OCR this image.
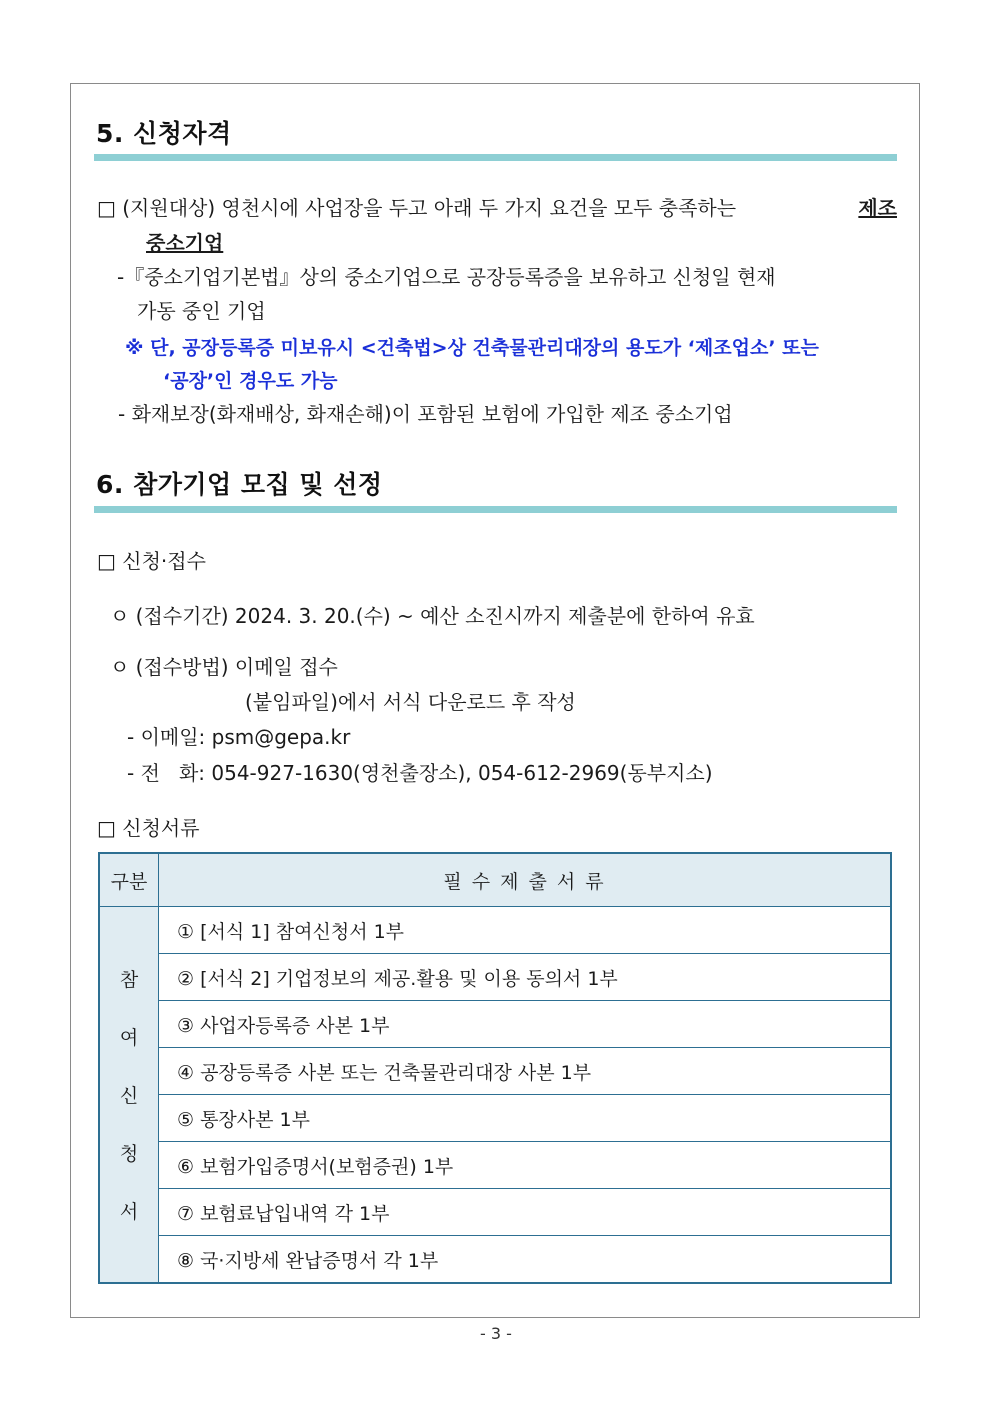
5. 신청자격
□ (지원대상) 영천시에 사업장을 두고 아래 두 가지 요건을 모두 충족하는	제조
중소기업
-『중소기업기본법』상의 중소기업으로 공장등록증을 보유하고 신청일 현재
가동 중인 기업
※ 단, 공장등록증 미보유시 <건축법>상 건축물관리대장의 용도가 ‘제조업소’ 또는
‘공장’인 경우도 가능
- 화재보장(화재배상, 화재손해)이 포함된 보험에 가입한 제조 중소기업
6. 참가기업 모집 및 선정
□ 신청·접수
ㅇ (접수기간) 2024. 3. 20.(수) ~ 예산 소진시까지 제출분에 한하여 유효
ㅇ (접수방법) 이메일 접수
(붙임파일)에서 서식 다운로드 후 작성
- 이메일: psm@gepa.kr
- 전   화: 054-927-1630(영천출장소), 054-612-2969(동부지소)
□ 신청서류
구분	필 수 제 출 서 류

참
여
신
청
서	① [서식 1] 참여신청서 1부
	② [서식 2] 기업정보의 제공.활용 및 이용 동의서 1부
	③ 사업자등록증 사본 1부
	④ 공장등록증 사본 또는 건축물관리대장 사본 1부
	⑤ 통장사본 1부
	⑥ 보험가입증명서(보험증권) 1부
	⑦ 보험료납입내역 각 1부
	⑧ 국·지방세 완납증명서 각 1부
- 3 -
